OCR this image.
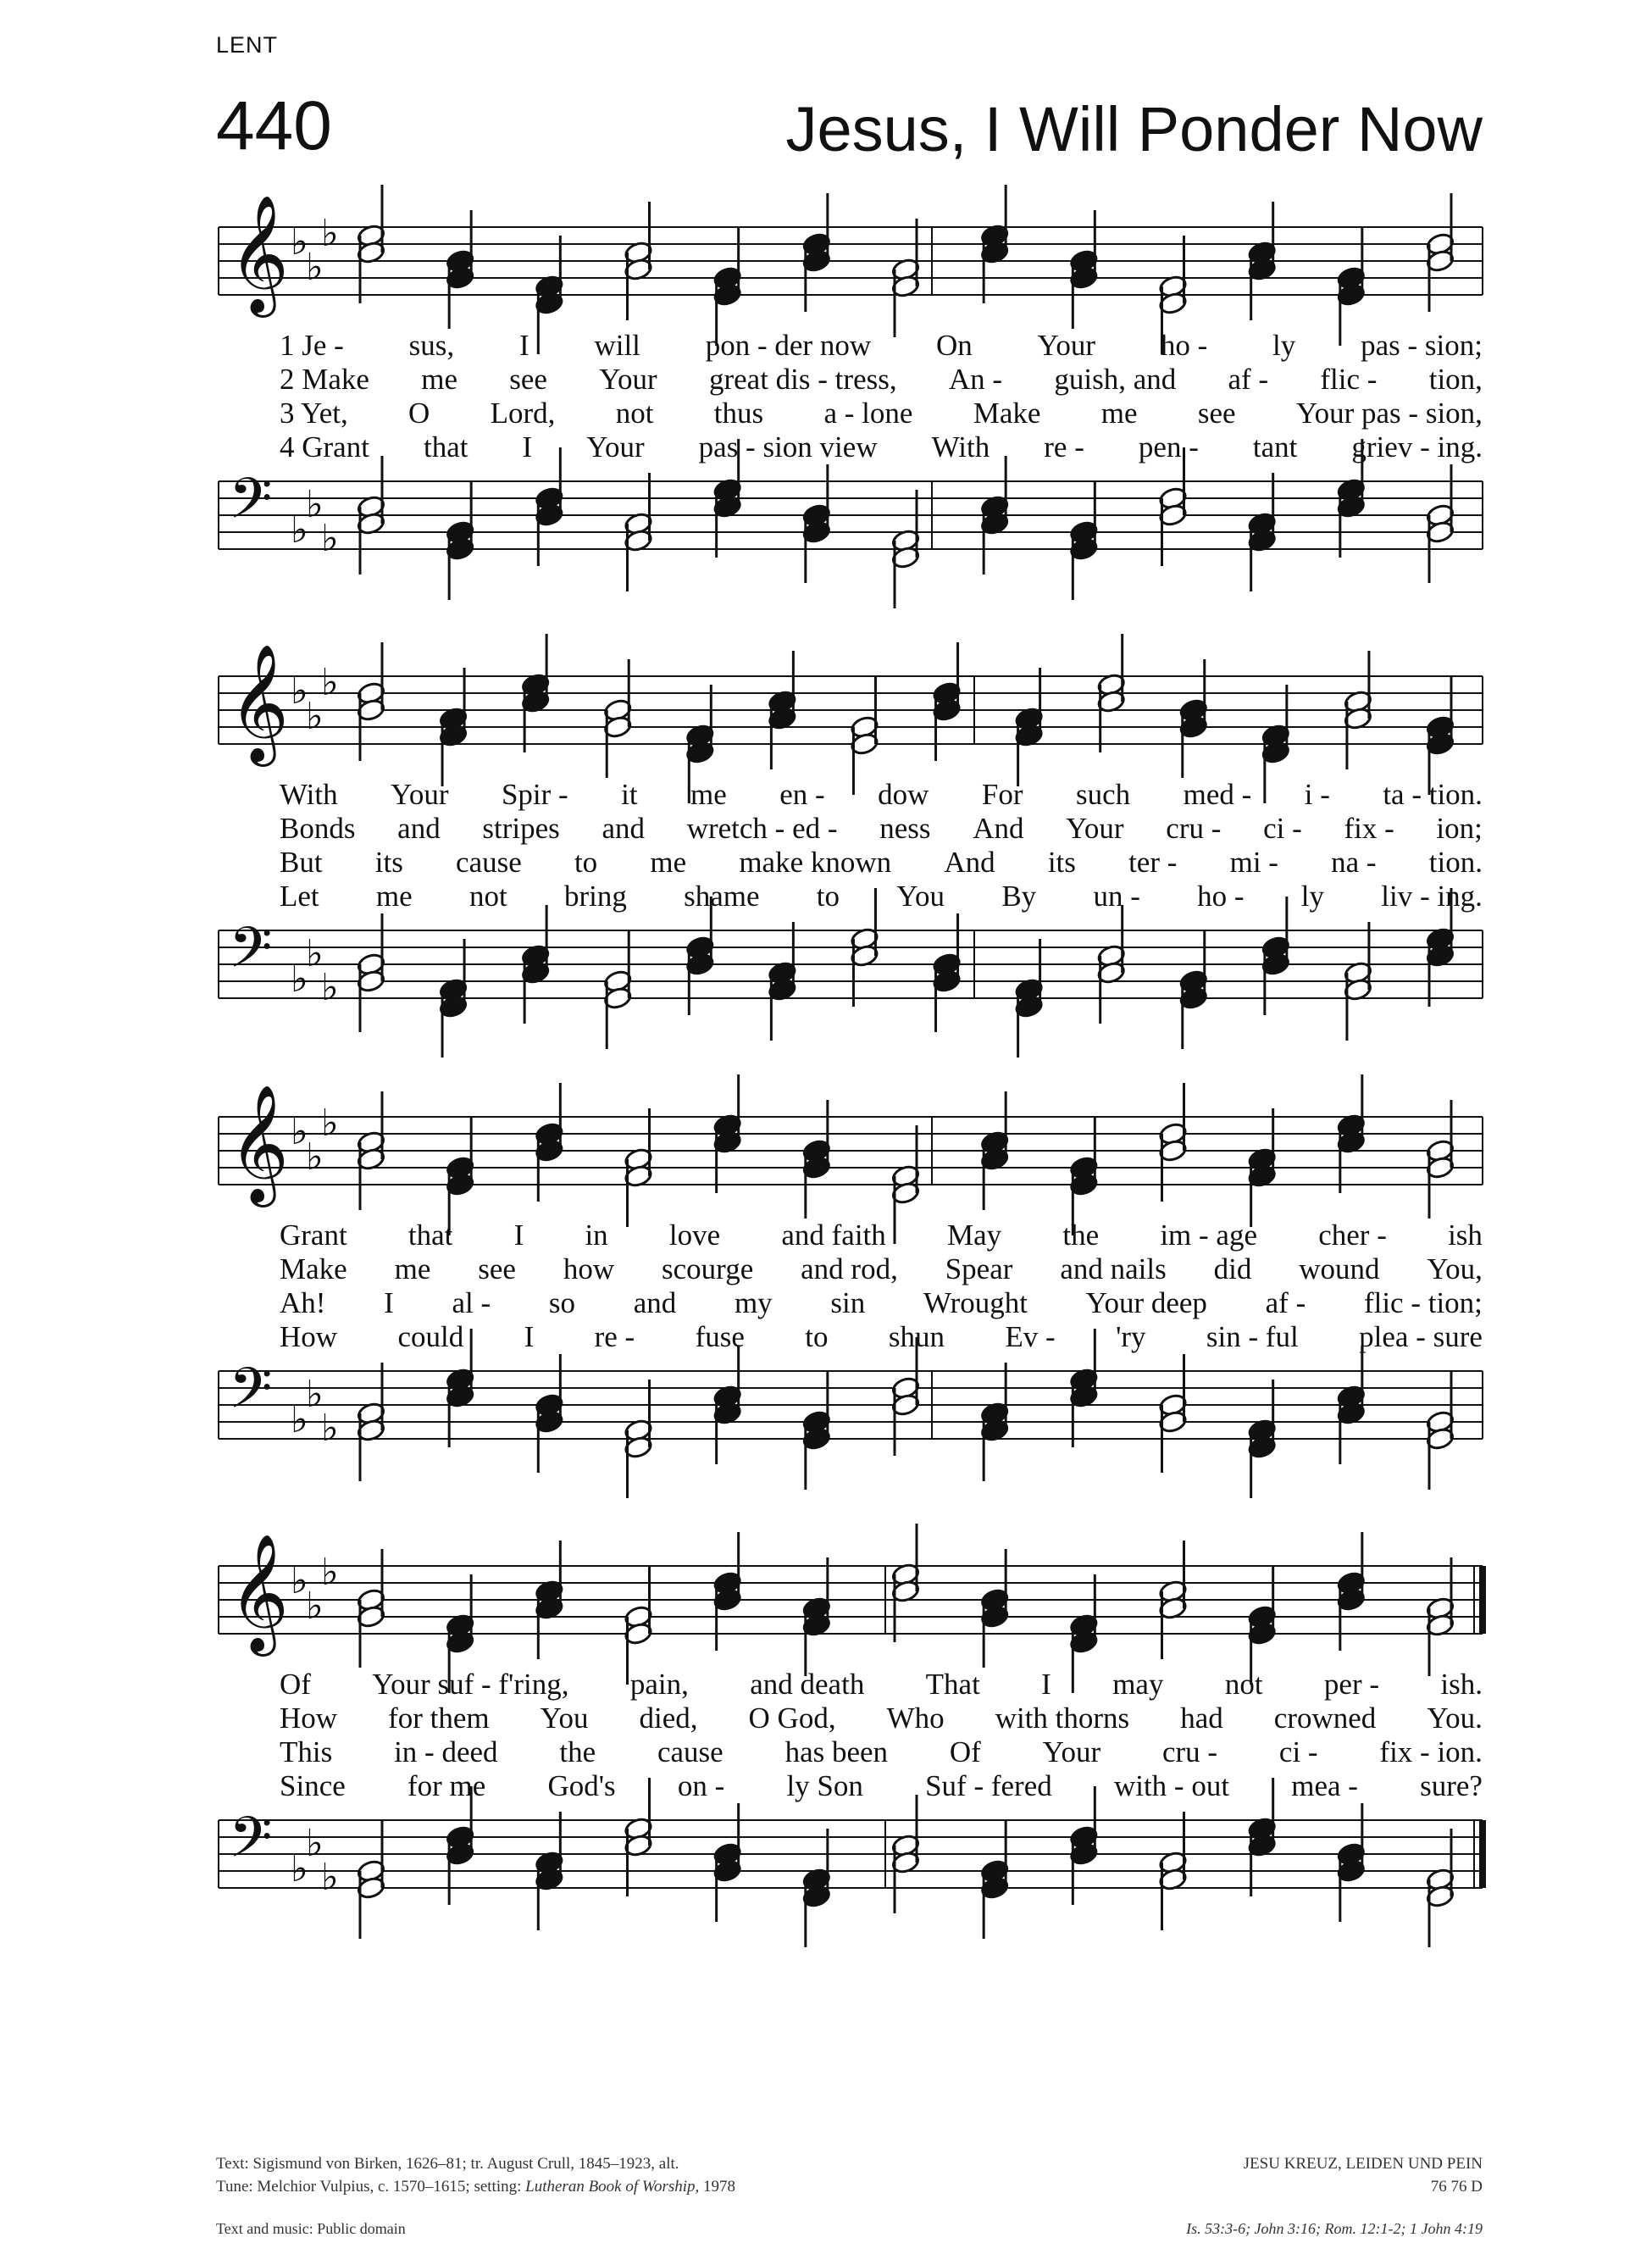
LENT
440	Jesus, I Will Ponder Now
𝄞 ♭
♭
♭
𝄞 ♭
♭
♭
𝄞 ♭
♭
♭
𝄞 ♭
♭
♭
𝄢 ♭
♭
♭
𝄢 ♭
♭
♭
𝄢 ♭
♭
♭
𝄢 ♭
♭
♭
1 Je - sus, I will pon - der now On Your ho - ly pas - sion;
2 Make me see Your great dis - tress, An - guish, and af - flic - tion,
3 Yet, O Lord, not thus a - lone Make me see Your pas - sion,
4 Grant that I Your pas - sion view With re - pen - tant griev - ing.
With Your Spir - it me en - dow For such med - i - ta - tion.
Bonds and stripes and wretch - ed - ness And Your cru - ci - fix - ion;
But its cause to me make known And its ter - mi - na - tion.
Let me not bring shame to You By un - ho - ly liv - ing.
Grant that I in love and faith May the im - age cher - ish
Make me see how scourge and rod, Spear and nails did wound You,
Ah! I al - so and my sin Wrought Your deep af - flic - tion;
How could I re - fuse to shun Ev - 'ry sin - ful plea - sure
Of Your suf - f'ring, pain, and death That I may not per - ish.
How for them You died, O God, Who with thorns had crowned You.
This in - deed the cause has been Of Your cru - ci - fix - ion.
Since for me God's on - ly Son Suf - fered with - out mea - sure?
Text: Sigismund von Birken, 1626–81; tr. August Crull, 1845–1923, alt.
Tune: Melchior Vulpius, c. 1570–1615; setting: Lutheran Book of Worship, 1978
JESU KREUZ, LEIDEN UND PEIN
76 76 D
Text and music: Public domain	Is. 53:3-6; John 3:16; Rom. 12:1-2; 1 John 4:19
